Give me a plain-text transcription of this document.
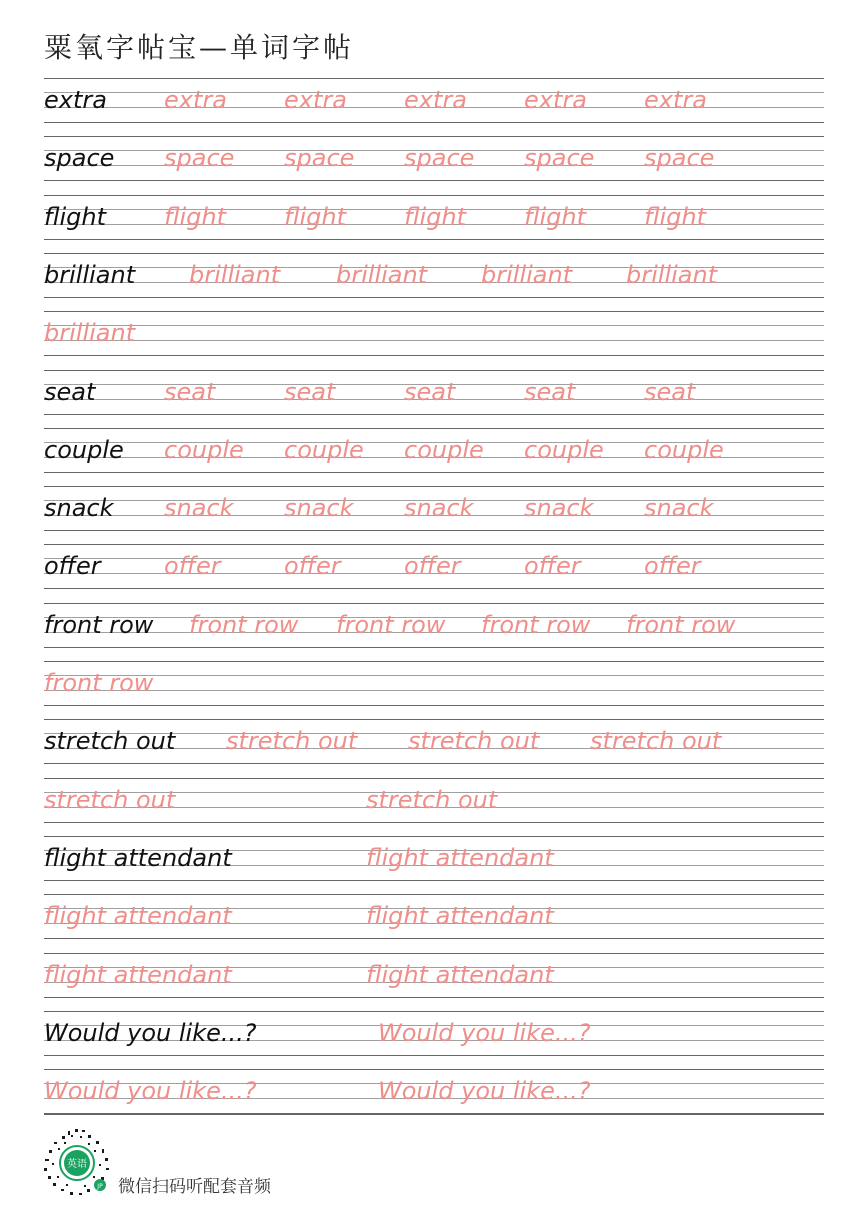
粟氧字帖宝—单词字帖
extra extra extra extra extra extra
space space space space space space
flight flight flight flight flight flight
brilliant brilliant brilliant brilliant brilliant
brilliant
seat	seat	seat	seat	seat	seat
couple couple couple couple couple couple
snack snack snack snack snack snack
offer	offer	offer	offer	offer	offer
front row front row front row front row front row
front row
stretch out stretch out stretch out stretch out
stretch out	stretch out
flight attendant	flight attendant
flight attendant	flight attendant
flight attendant	flight attendant
Would you like...?	Would you like...?
Would you like...?	Would you like...?
英语
JP 微信扫码听配套音频
